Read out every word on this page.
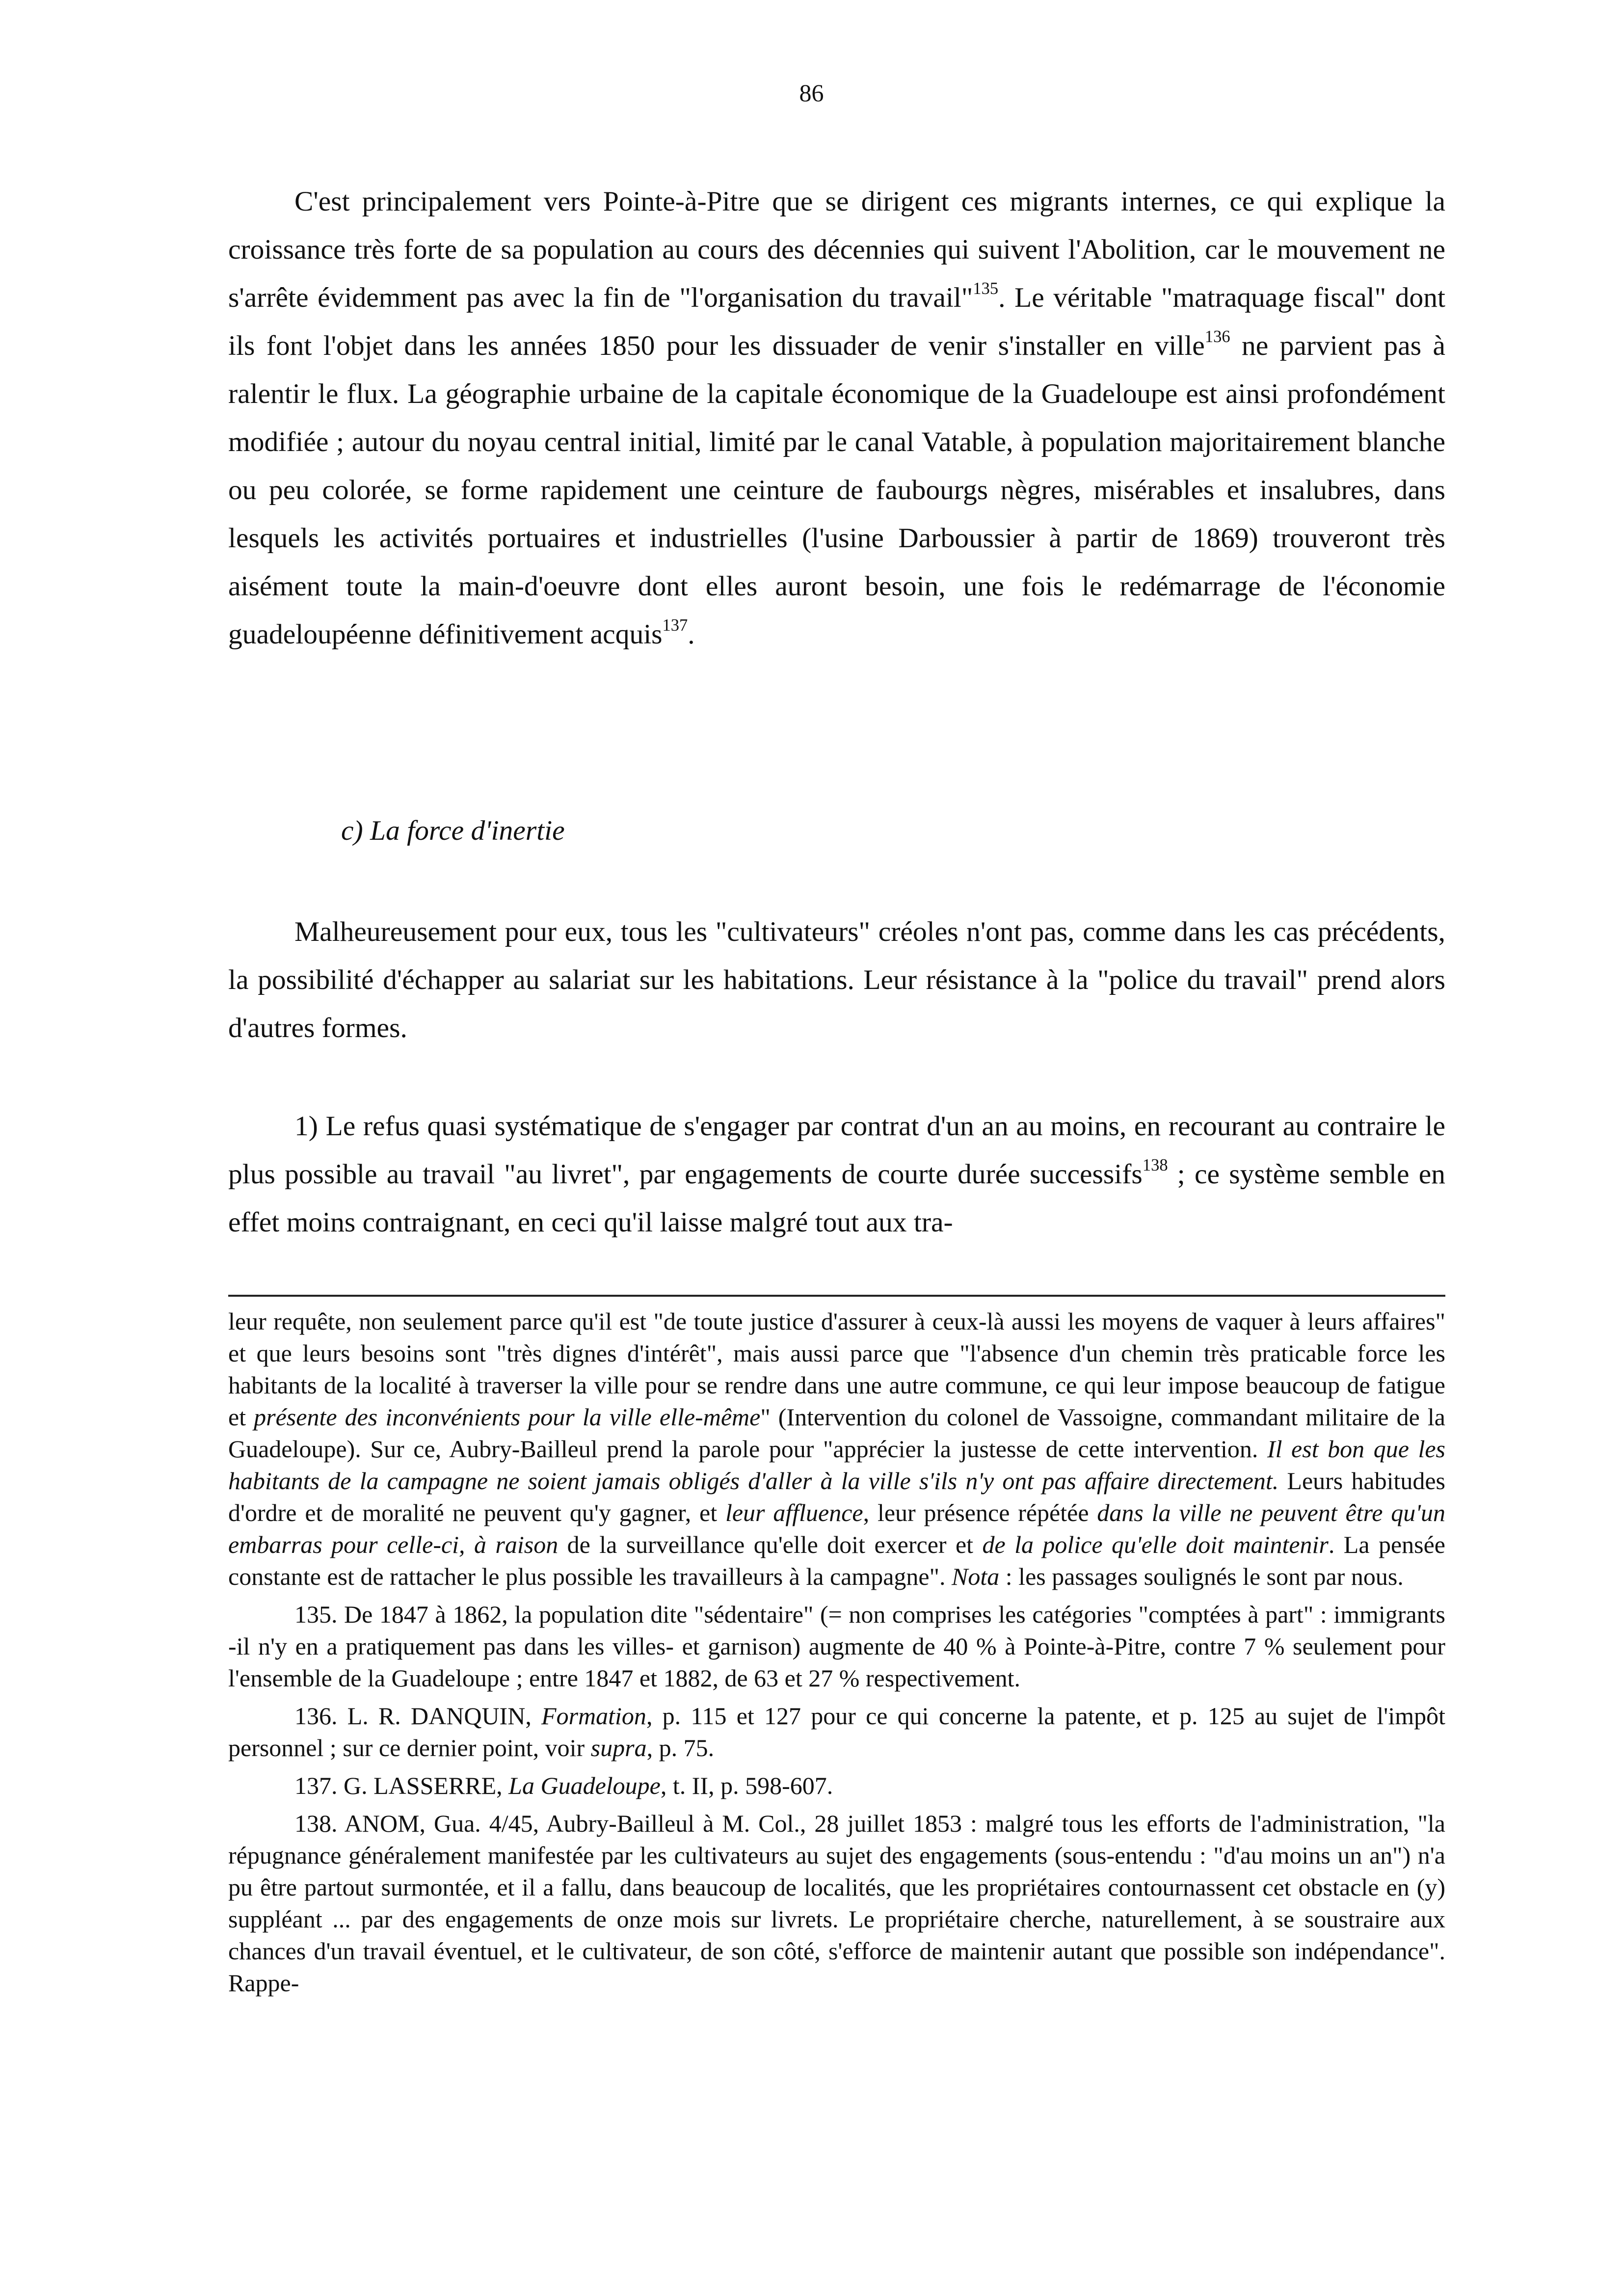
86

C'est principalement vers Pointe-à-Pitre que se dirigent ces migrants internes, ce qui explique la croissance très forte de sa population au cours des décennies qui suivent l'Abolition, car le mouvement ne s'arrête évidemment pas avec la fin de "l'organisation du travail"$^{135}$. Le véritable "matraquage fiscal" dont ils font l'objet dans les années 1850 pour les dissuader de venir s'installer en ville$^{136}$ ne parvient pas à ralentir le flux. La géographie urbaine de la capitale économique de la Guadeloupe est ainsi profondément modifiée ; autour du noyau central initial, limité par le canal Vatable, à population majoritairement blanche ou peu colorée, se forme rapidement une ceinture de faubourgs nègres, misérables et insalubres, dans lesquels les activités portuaires et industrielles (l'usine Darboussier à partir de 1869) trouveront très aisément toute la main-d'oeuvre dont elles auront besoin, une fois le redémarrage de l'économie guadeloupéenne définitivement acquis$^{137}$.

c) La force d'inertie

Malheureusement pour eux, tous les "cultivateurs" créoles n'ont pas, comme dans les cas précédents, la possibilité d'échapper au salariat sur les habitations. Leur résistance à la "police du travail" prend alors d'autres formes.

1) Le refus quasi systématique de s'engager par contrat d'un an au moins, en recourant au contraire le plus possible au travail "au livret", par engagements de courte durée successifs$^{138}$ ; ce système semble en effet moins contraignant, en ceci qu'il laisse malgré tout aux tra-

leur requête, non seulement parce qu'il est "de toute justice d'assurer à ceux-là aussi les moyens de vaquer à leurs affaires" et que leurs besoins sont "très dignes d'intérêt", mais aussi parce que "l'absence d'un chemin très praticable force les habitants de la localité à traverser la ville pour se rendre dans une autre commune, ce qui leur impose beaucoup de fatigue et présente des inconvénients pour la ville elle-même" (Intervention du colonel de Vassoigne, commandant militaire de la Guadeloupe). Sur ce, Aubry-Bailleul prend la parole pour "apprécier la justesse de cette intervention. Il est bon que les habitants de la campagne ne soient jamais obligés d'aller à la ville s'ils n'y ont pas affaire directement. Leurs habitudes d'ordre et de moralité ne peuvent qu'y gagner, et leur affluence, leur présence répétée dans la ville ne peuvent être qu'un embarras pour celle-ci, à raison de la surveillance qu'elle doit exercer et de la police qu'elle doit maintenir. La pensée constante est de rattacher le plus possible les travailleurs à la campagne". Nota : les passages soulignés le sont par nous.

135. De 1847 à 1862, la population dite "sédentaire" (= non comprises les catégories "comptées à part" : immigrants -il n'y en a pratiquement pas dans les villes- et garnison) augmente de 40 % à Pointe-à-Pitre, contre 7 % seulement pour l'ensemble de la Guadeloupe ; entre 1847 et 1882, de 63 et 27 % respectivement.

136. L. R. DANQUIN, Formation, p. 115 et 127 pour ce qui concerne la patente, et p. 125 au sujet de l'impôt personnel ; sur ce dernier point, voir supra, p. 75.

137. G. LASSERRE, La Guadeloupe, t. II, p. 598-607.

138. ANOM, Gua. 4/45, Aubry-Bailleul à M. Col., 28 juillet 1853 : malgré tous les efforts de l'administration, "la répugnance généralement manifestée par les cultivateurs au sujet des engagements (sous-entendu : "d'au moins un an") n'a pu être partout surmontée, et il a fallu, dans beaucoup de localités, que les propriétaires contournassent cet obstacle en (y) suppléant ... par des engagements de onze mois sur livrets. Le propriétaire cherche, naturellement, à se soustraire aux chances d'un travail éventuel, et le cultivateur, de son côté, s'efforce de maintenir autant que possible son indépendance". Rappe-
